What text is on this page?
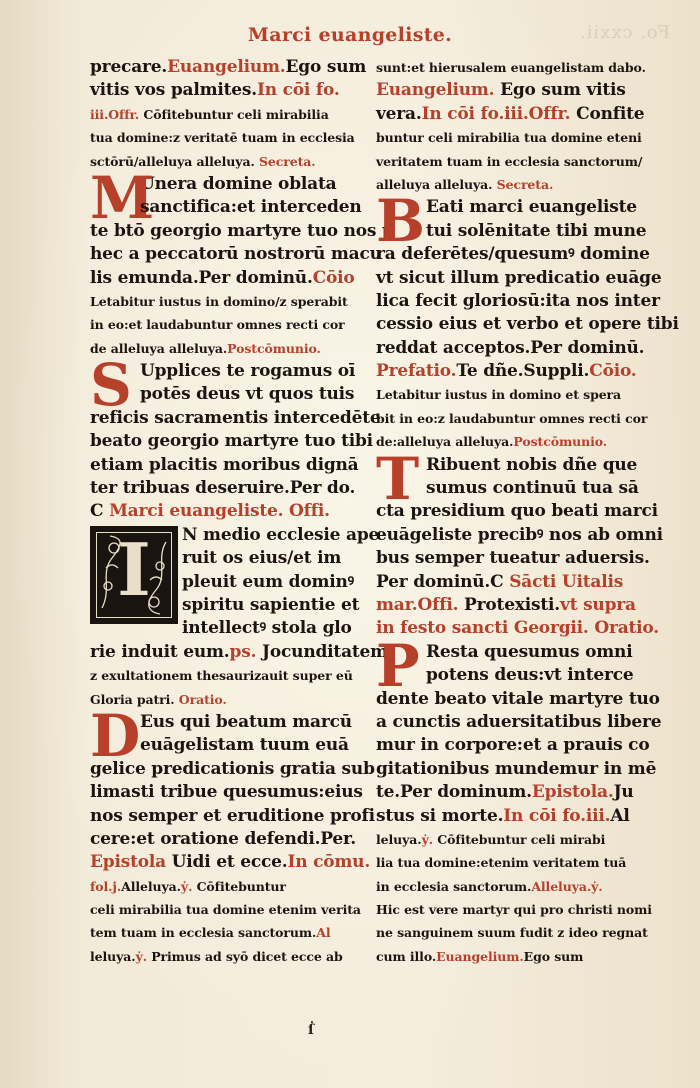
Fo. cxxii.
Marci euangeliste.
precare.Euangelium.Ego sum
vitis vos palmites.In cōi fo.
iii.Offr. Cōfitebuntur celi mirabilia
tua domine:z veritatē tuam in ecclesia
sctōrū/alleluya alleluya. Secreta.
Unera domine oblata
M
sanctifica:et interceden
te btō georgio martyre tuo nos p
hec a peccatorū nostrorū macu
lis emunda.Per dominū.Cōio
Letabitur iustus in domino/z sperabit
in eo:et laudabuntur omnes recti cor
de alleluya alleluya.Postcōmunio.
Upplices te rogamus oī
S potēs deus vt quos tuis
reficis sacramentis intercedēte
beato georgio martyre tuo tibi
etiam placitis moribus dignā
ter tribuas deseruire.Per do.
C Marci euangeliste. Offi.
N medio ecclesie ape
I	ruit os eius/et im
pleuit eum dominꝰ
spiritu sapientie et
intellectꝰ stola glo
rie induit eum.ps. Jocunditatem
z exultationem thesaurizauit super eū
Gloria patri. Oratio.
Eus qui beatum marcū
D euāgelistam tuum euā
gelice predicationis gratia sub
limasti tribue quesumus:eius
nos semper et eruditione profi
cere:et oratione defendi.Per.
Epistola Uidi et ecce.In cōmu.
fol.j.Alleluya.ẏ. Cōfitebuntur
celi mirabilia tua domine etenim verita
tem tuam in ecclesia sanctorum.Al
leluya.ẏ. Primus ad syō dicet ecce ab
sunt:et hierusalem euangelistam dabo.
Euangelium. Ego sum vitis
vera.In cōi fo.iii.Offr. Confite
buntur celi mirabilia tua domine eteni
veritatem tuam in ecclesia sanctorum/
alleluya alleluya. Secreta.
Eati marci euangeliste
B tui solēnitate tibi mune
ra deferētes/quesumꝰ domine
vt sicut illum predicatio euāge
lica fecit gloriosū:ita nos inter
cessio eius et verbo et opere tibi
reddat acceptos.Per dominū.
Prefatio.Te dñe.Suppli.Cōio.
Letabitur iustus in domino et spera
bit in eo:z laudabuntur omnes recti cor
de:alleluya alleluya.Postcōmunio.
Ribuent nobis dñe que
T sumus continuū tua sā
cta presidium quo beati marci
euāgeliste precibꝰ nos ab omni
bus semper tueatur aduersis.
Per dominū.C Sācti Uitalis
mar.Offi. Protexisti.vt supra
in festo sancti Georgii. Oratio.
Resta quesumus omni
P potens deus:vt interce
dente beato vitale martyre tuo
a cunctis aduersitatibus libere
mur in corpore:et a prauis co
gitationibus mundemur in mē
te.Per dominum.Epistola.Ju
stus si morte.In cōi fo.iii.Al
leluya.ẏ. Cōfitebuntur celi mirabi
lia tua domine:etenim veritatem tuā
in ecclesia sanctorum.Alleluya.ẏ.
Hic est vere martyr qui pro christi nomi
ne sanguinem suum fudit z ideo regnat
cum illo.Euangelium.Ego sum
ẛ
